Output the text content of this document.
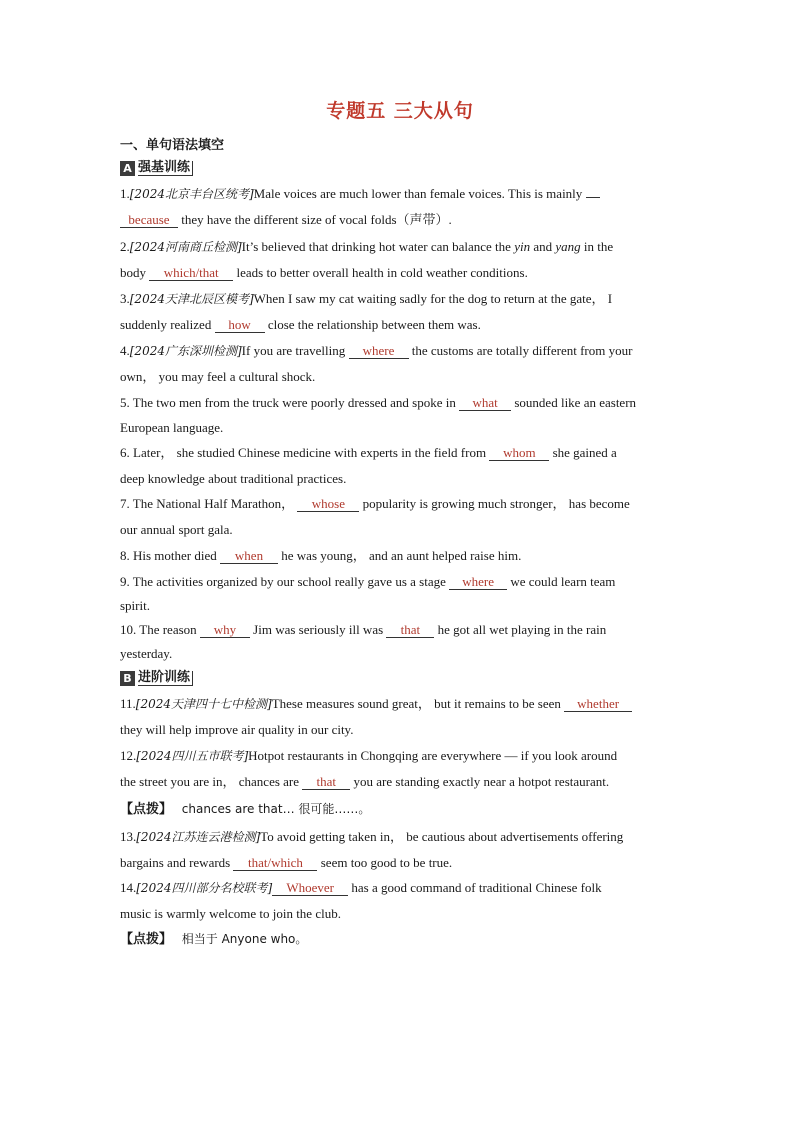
专题五 三大从句
一、单句语法填空
A 强基训练
1.[2024北京丰台区统考]Male voices are much lower than female voices. This is mainly
because they have the different size of vocal folds（声带）.
2.[2024河南商丘检测]It’s believed that drinking hot water can balance the yin and yang in the
body which/that leads to better overall health in cold weather conditions.
3.[2024天津北辰区模考]When I saw my cat waiting sadly for the dog to return at the gate， I
suddenly realized how close the relationship between them was.
4.[2024广东深圳检测]If you are travelling where the customs are totally different from your
own， you may feel a cultural shock.
5. The two men from the truck were poorly dressed and spoke in what sounded like an eastern
European language.
6. Later， she studied Chinese medicine with experts in the field from whom she gained a
deep knowledge about traditional practices.
7. The National Half Marathon， whose popularity is growing much stronger， has become
our annual sport gala.
8. His mother died when he was young， and an aunt helped raise him.
9. The activities organized by our school really gave us a stage where we could learn team
spirit.
10. The reason why Jim was seriously ill was that he got all wet playing in the rain
yesterday.
B 进阶训练
11.[2024天津四十七中检测]These measures sound great， but it remains to be seen whether
they will help improve air quality in our city.
12.[2024四川五市联考]Hotpot restaurants in Chongqing are everywhere — if you look around
the street you are in， chances are that you are standing exactly near a hotpot restaurant.
【点拨】 chances are that… 很可能……。
13.[2024江苏连云港检测]To avoid getting taken in， be cautious about advertisements offering
bargains and rewards that/which seem too good to be true.
14.[2024四川部分名校联考] Whoever has a good command of traditional Chinese folk
music is warmly welcome to join the club.
【点拨】 相当于 Anyone who。
